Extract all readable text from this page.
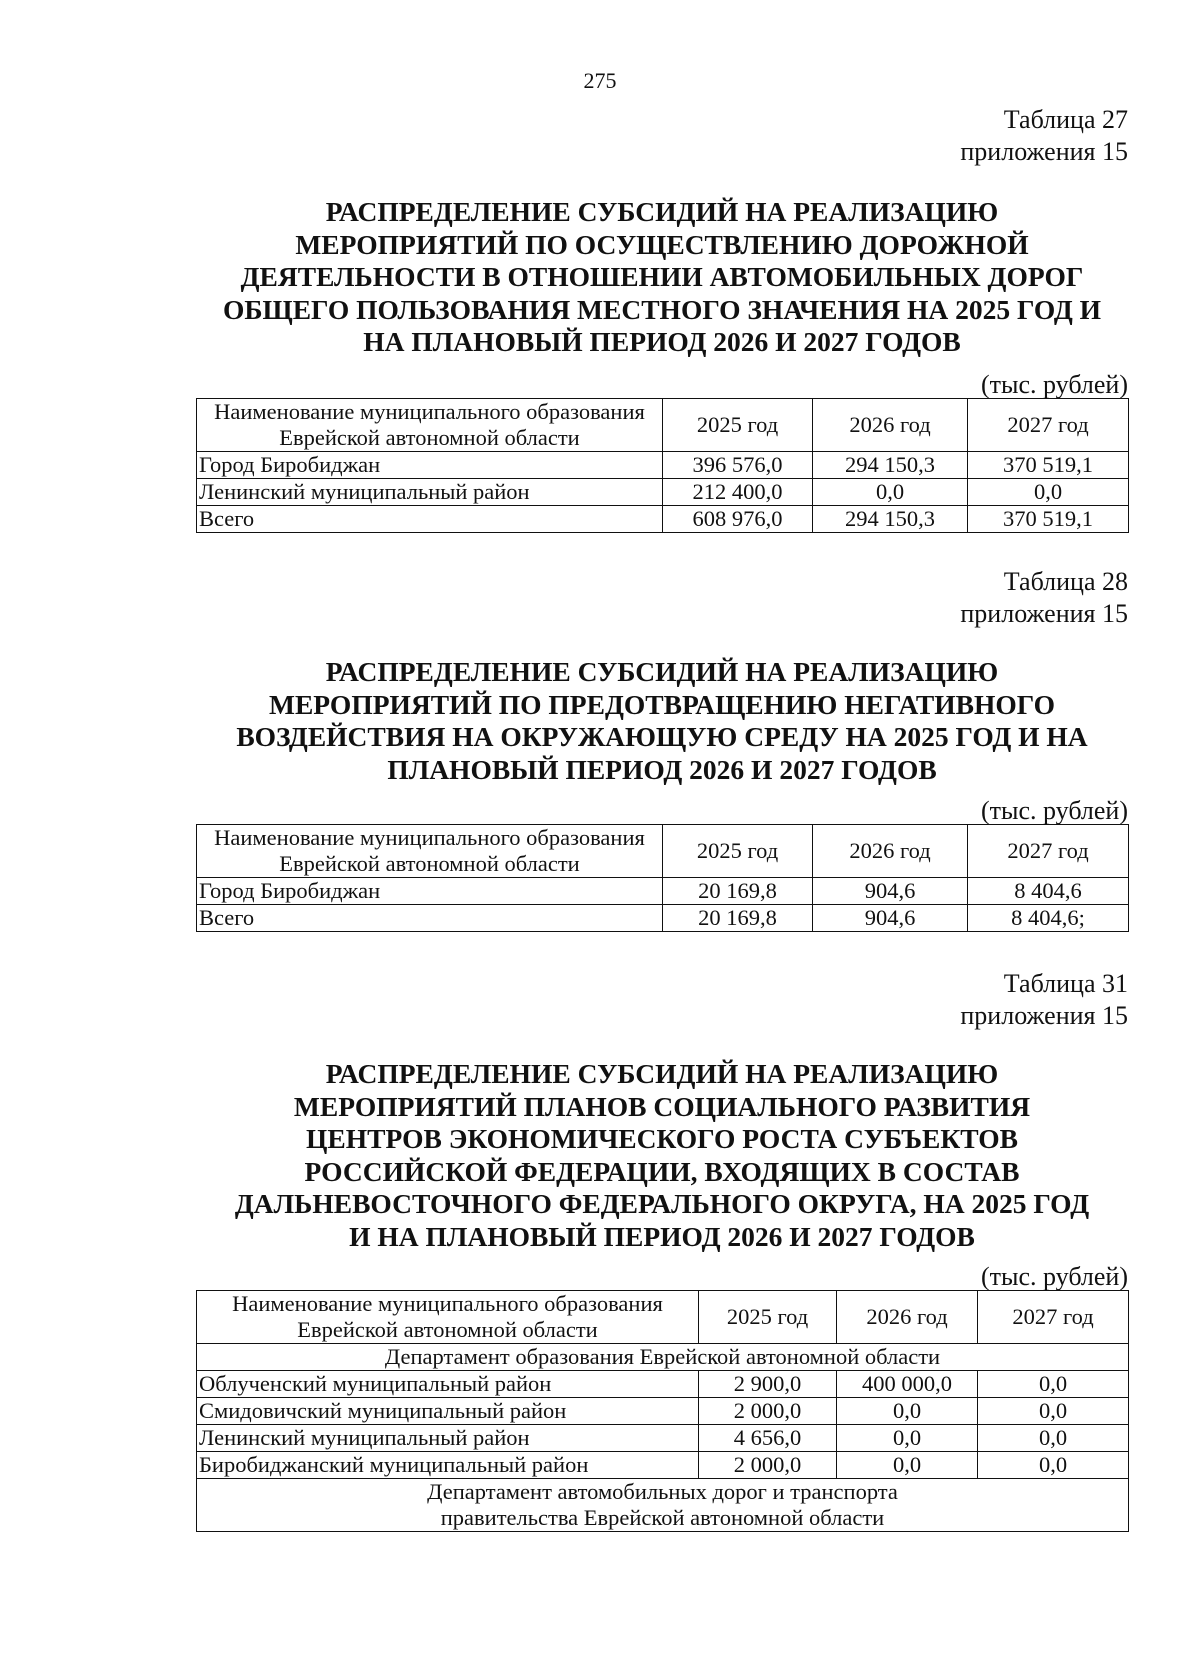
275
Таблица 27
приложения 15

РАСПРЕДЕЛЕНИЕ СУБСИДИЙ НА РЕАЛИЗАЦИЮ МЕРОПРИЯТИЙ ПО ОСУЩЕСТВЛЕНИЮ ДОРОЖНОЙ ДЕЯТЕЛЬНОСТИ В ОТНОШЕНИИ АВТОМОБИЛЬНЫХ ДОРОГ ОБЩЕГО ПОЛЬЗОВАНИЯ МЕСТНОГО ЗНАЧЕНИЯ НА 2025 ГОД И НА ПЛАНОВЫЙ ПЕРИОД 2026 И 2027 ГОДОВ

(тыс. рублей)
Наименование муниципального образования Еврейской автономной области	2025 год	2026 год	2027 год
Город Биробиджан	396 576,0	294 150,3	370 519,1
Ленинский муниципальный район	212 400,0	0,0	0,0
Всего	608 976,0	294 150,3	370 519,1
Таблица 28
приложения 15

РАСПРЕДЕЛЕНИЕ СУБСИДИЙ НА РЕАЛИЗАЦИЮ МЕРОПРИЯТИЙ ПО ПРЕДОТВРАЩЕНИЮ НЕГАТИВНОГО ВОЗДЕЙСТВИЯ НА ОКРУЖАЮЩУЮ СРЕДУ НА 2025 ГОД И НА ПЛАНОВЫЙ ПЕРИОД 2026 И 2027 ГОДОВ

(тыс. рублей)
Наименование муниципального образования Еврейской автономной области	2025 год	2026 год	2027 год
Город Биробиджан	20 169,8	904,6	8 404,6
Всего	20 169,8	904,6	8 404,6;
Таблица 31
приложения 15

РАСПРЕДЕЛЕНИЕ СУБСИДИЙ НА РЕАЛИЗАЦИЮ МЕРОПРИЯТИЙ ПЛАНОВ СОЦИАЛЬНОГО РАЗВИТИЯ ЦЕНТРОВ ЭКОНОМИЧЕСКОГО РОСТА СУБЪЕКТОВ РОССИЙСКОЙ ФЕДЕРАЦИИ, ВХОДЯЩИХ В СОСТАВ ДАЛЬНЕВОСТОЧНОГО ФЕДЕРАЛЬНОГО ОКРУГА, НА 2025 ГОД И НА ПЛАНОВЫЙ ПЕРИОД 2026 И 2027 ГОДОВ

(тыс. рублей)
Наименование муниципального образования Еврейской автономной области	2025 год	2026 год	2027 год
Департамент образования Еврейской автономной области			
Облученский муниципальный район	2 900,0	400 000,0	0,0
Смидовичский муниципальный район	2 000,0	0,0	0,0
Ленинский муниципальный район	4 656,0	0,0	0,0
Биробиджанский муниципальный район	2 000,0	0,0	0,0
Департамент автомобильных дорог и транспорта правительства Еврейской автономной области			
